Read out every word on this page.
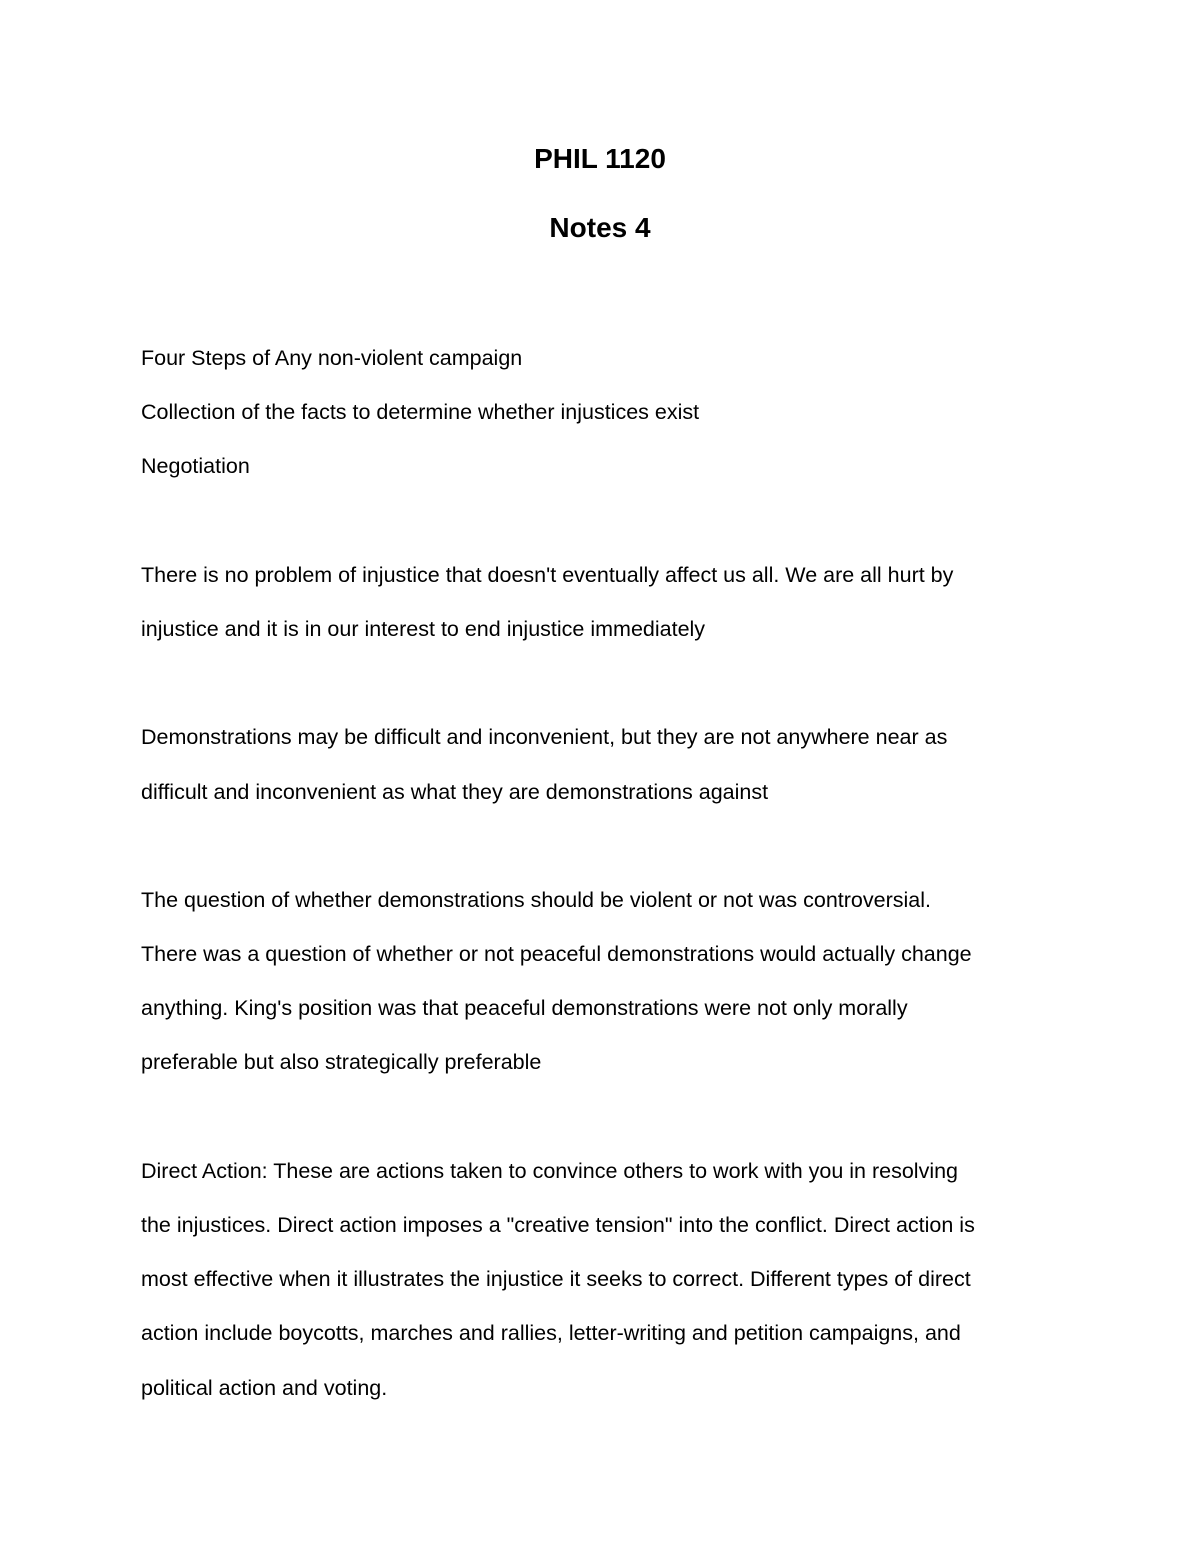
PHIL 1120
Notes 4
Four Steps of Any non-violent campaign
Collection of the facts to determine whether injustices exist
Negotiation
There is no problem of injustice that doesn't eventually affect us all. We are all hurt by
injustice and it is in our interest to end injustice immediately
Demonstrations may be difficult and inconvenient, but they are not anywhere near as
difficult and inconvenient as what they are demonstrations against
The question of whether demonstrations should be violent or not was controversial.
There was a question of whether or not peaceful demonstrations would actually change
anything. King's position was that peaceful demonstrations were not only morally
preferable but also strategically preferable
Direct Action: These are actions taken to convince others to work with you in resolving
the injustices. Direct action imposes a "creative tension" into the conflict. Direct action is
most effective when it illustrates the injustice it seeks to correct. Different types of direct
action include boycotts, marches and rallies, letter-writing and petition campaigns, and
political action and voting.
